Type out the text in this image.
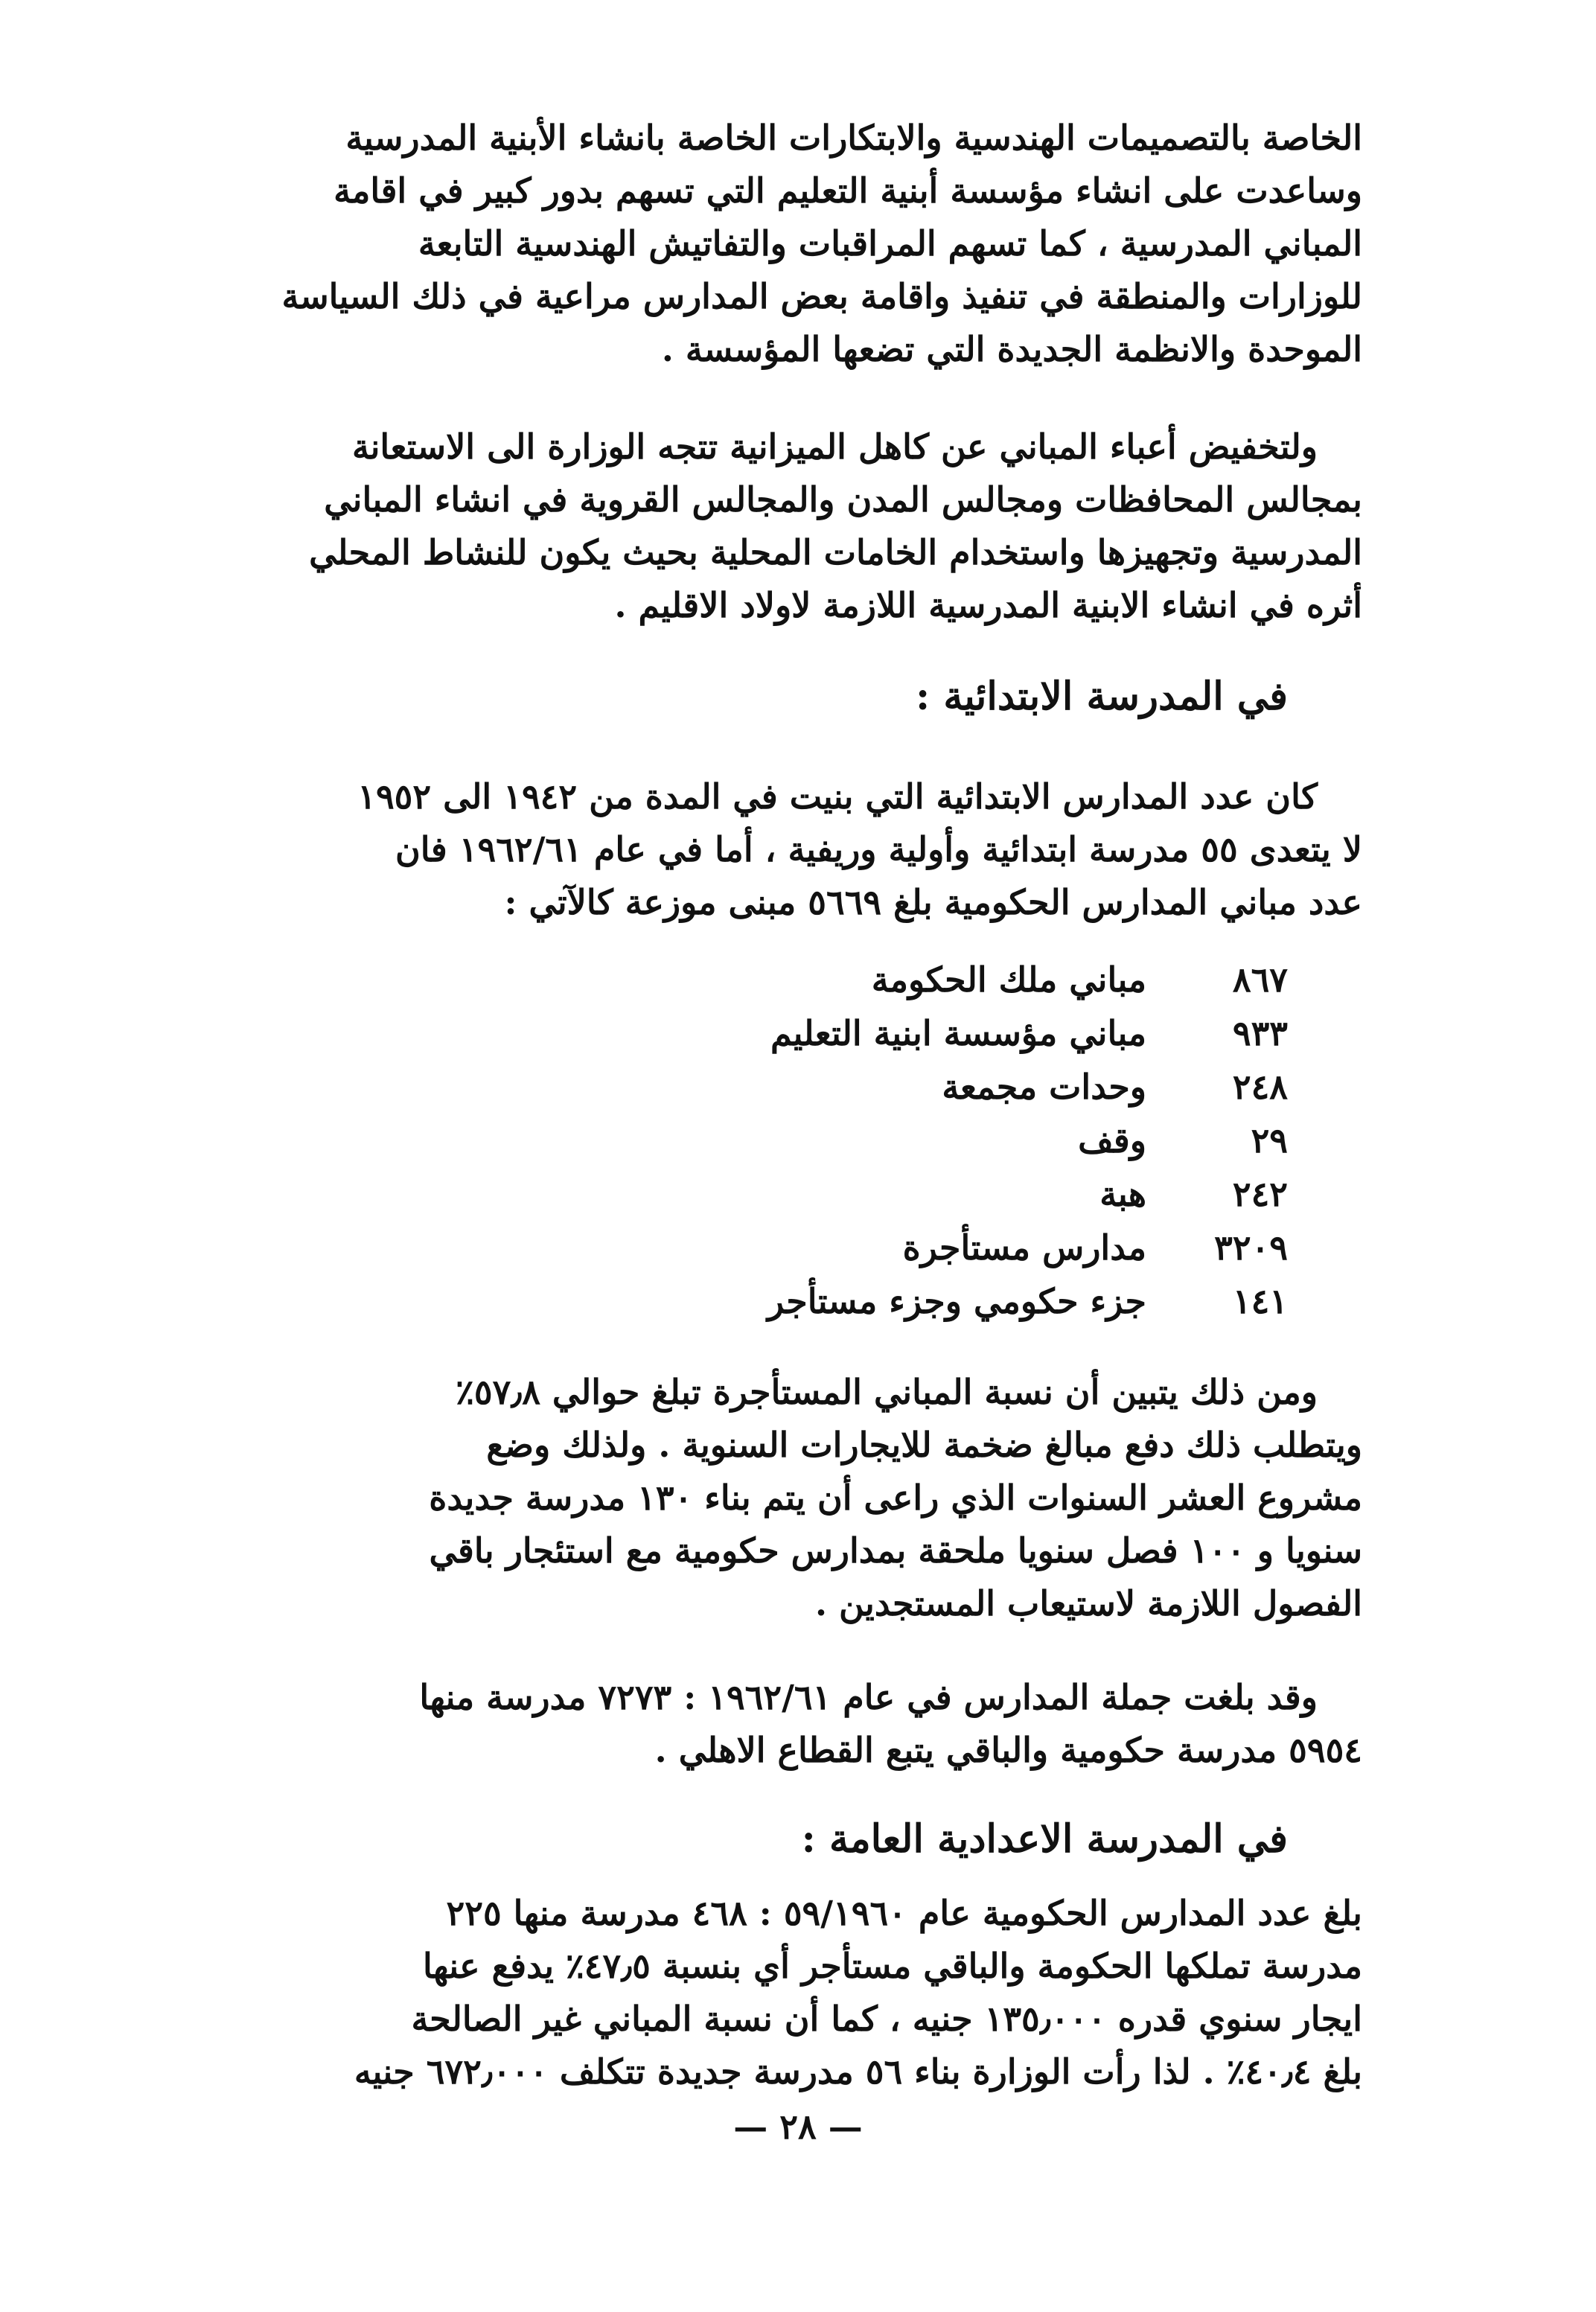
الخاصة بالتصميمات الهندسية والابتكارات الخاصة بانشاء الأبنية المدرسية
وساعدت على انشاء مؤسسة أبنية التعليم التي تسهم بدور كبير في اقامة
المباني المدرسية ، كما تسهم المراقبات والتفاتيش الهندسية التابعة
للوزارات والمنطقة في تنفيذ واقامة بعض المدارس مراعية في ذلك السياسة
الموحدة والانظمة الجديدة التي تضعها المؤسسة .
ولتخفيض أعباء المباني عن كاهل الميزانية تتجه الوزارة الى الاستعانة
بمجالس المحافظات ومجالس المدن والمجالس القروية في انشاء المباني
المدرسية وتجهيزها واستخدام الخامات المحلية بحيث يكون للنشاط المحلي
أثره في انشاء الابنية المدرسية اللازمة لاولاد الاقليم .
في المدرسة الابتدائية :
كان عدد المدارس الابتدائية التي بنيت في المدة من ١٩٤٢ الى ١٩٥٢
لا يتعدى ٥٥ مدرسة ابتدائية وأولية وريفية ، أما في عام ١٩٦٢/٦١ فان
عدد مباني المدارس الحكومية بلغ ٥٦٦٩ مبنى موزعة كالآتي :
٨٦٧
مباني ملك الحكومة
٩٣٣
مباني مؤسسة ابنية التعليم
٢٤٨
وحدات مجمعة
٢٩
وقف
٢٤٢
هبة
٣٢٠٩
مدارس مستأجرة
١٤١
جزء حكومي وجزء مستأجر
ومن ذلك يتبين أن نسبة المباني المستأجرة تبلغ حوالي ٥٧٫٨٪
ويتطلب ذلك دفع مبالغ ضخمة للايجارات السنوية . ولذلك وضع
مشروع العشر السنوات الذي راعى أن يتم بناء ١٣٠ مدرسة جديدة
سنويا و ١٠٠ فصل سنويا ملحقة بمدارس حكومية مع استئجار باقي
الفصول اللازمة لاستيعاب المستجدين .
وقد بلغت جملة المدارس في عام ١٩٦٢/٦١ : ٧٢٧٣ مدرسة منها
٥٩٥٤ مدرسة حكومية والباقي يتبع القطاع الاهلي .
في المدرسة الاعدادية العامة :
بلغ عدد المدارس الحكومية عام ٥٩/١٩٦٠ : ٤٦٨ مدرسة منها ٢٢٥
مدرسة تملكها الحكومة والباقي مستأجر أي بنسبة ٤٧٫٥٪ يدفع عنها
ايجار سنوي قدره ١٣٥٫٠٠٠ جنيه ، كما أن نسبة المباني غير الصالحة
بلغ ٤٠٫٤٪ . لذا رأت الوزارة بناء ٥٦ مدرسة جديدة تتكلف ٦٧٢٫٠٠٠ جنيه
— ٢٨ —
